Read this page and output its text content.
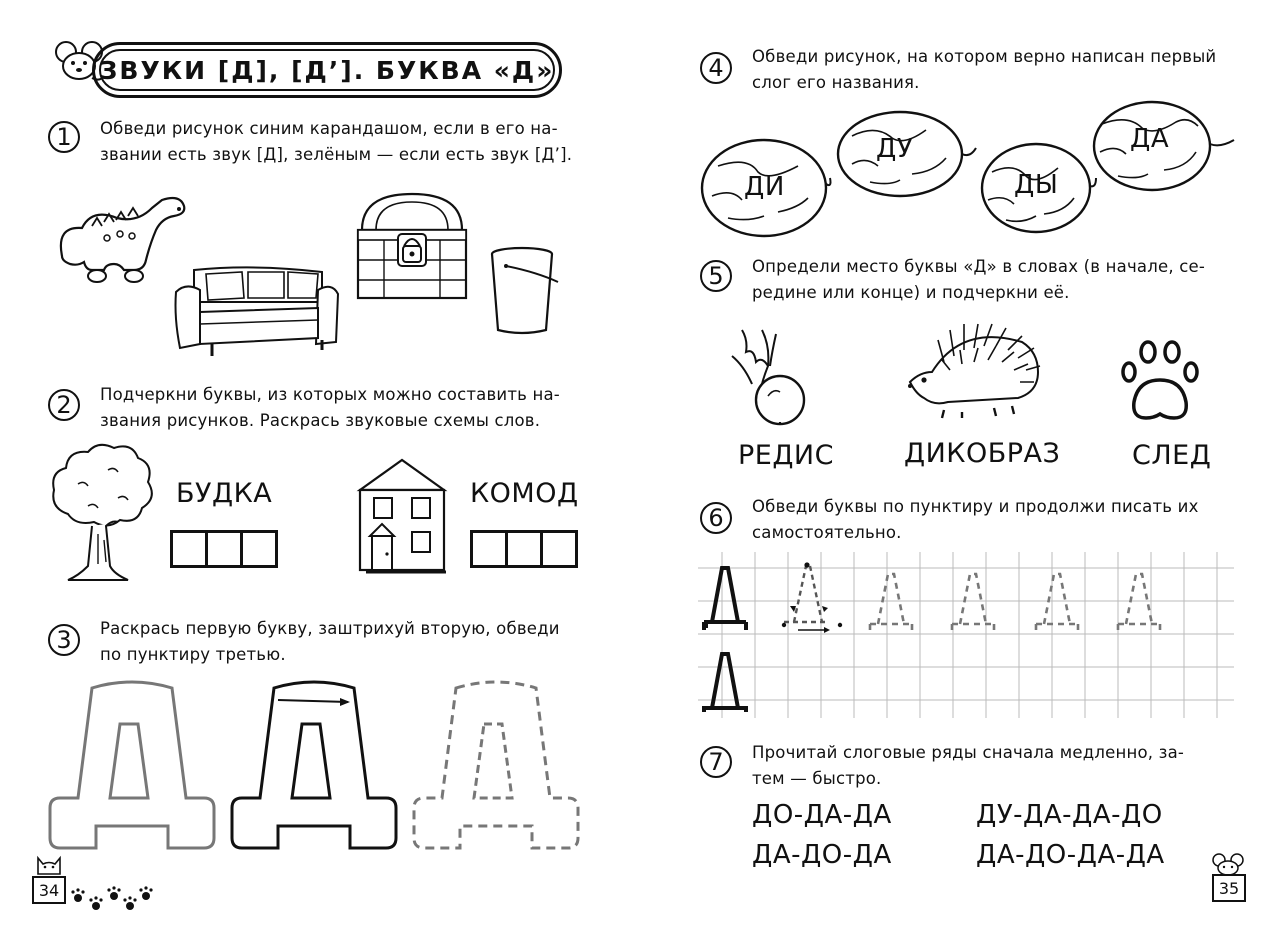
ЗВУКИ [Д], [Д’]. БУКВА «Д»
1	Обведи рисунок синим карандашом, если в его на-
звании есть звук [Д], зелёным — если есть звук [Д’].
2	Подчеркни буквы, из которых можно составить на-
звания рисунков. Раскрась звуковые схемы слов.
БУДКА	КОМОД
3	Раскрась первую букву, заштрихуй вторую, обведи
по пунктиру третью.
34
4	Обведи рисунок, на котором верно написан первый
слог его названия.
ДИ
ДУ
ДЫ
ДА
5	Определи место буквы «Д» в словах (в начале, се-
редине или конце) и подчеркни её.
РЕДИС	ДИКОБРАЗ	СЛЕД
6	Обведи буквы по пунктиру и продолжи писать их
самостоятельно.
7	Прочитай слоговые ряды сначала медленно, за-
тем — быстро.
ДО-ДА-ДА	ДУ-ДА-ДА-ДО
ДА-ДО-ДА	ДА-ДО-ДА-ДА
35
